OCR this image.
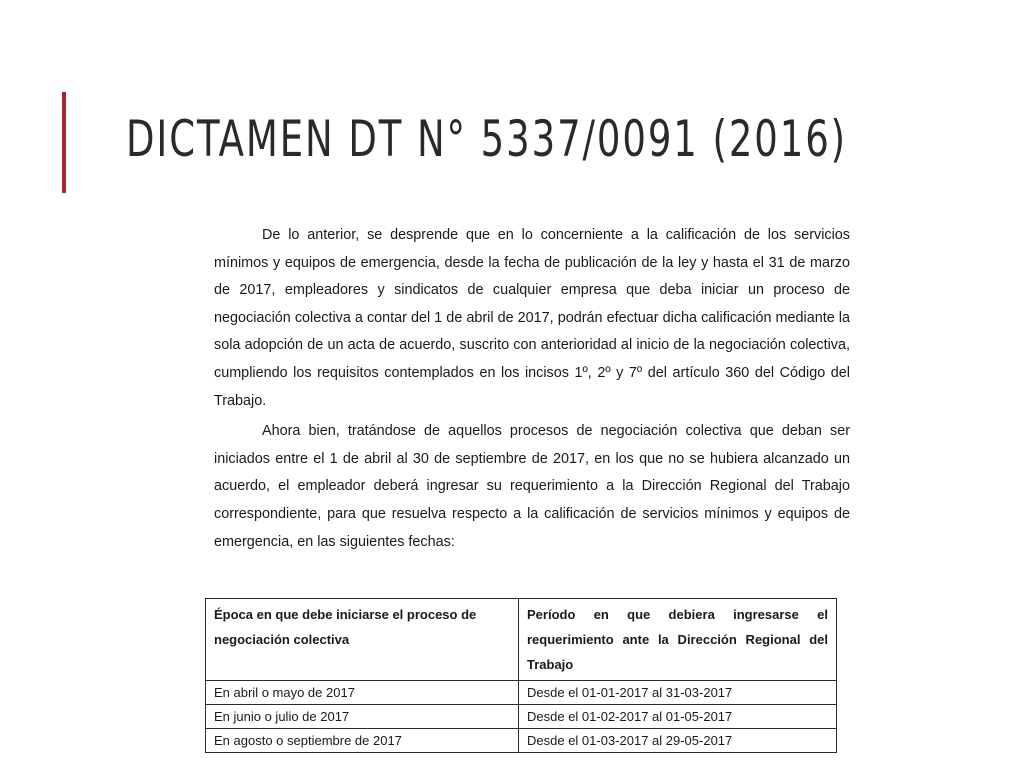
DICTAMEN DT N° 5337/0091 (2016)

De lo anterior, se desprende que en lo concerniente a la calificación de los servicios mínimos y equipos de emergencia, desde la fecha de publicación de la ley y hasta el 31 de marzo de 2017, empleadores y sindicatos de cualquier empresa que deba iniciar un proceso de negociación colectiva a contar del 1 de abril de 2017, podrán efectuar dicha calificación mediante la sola adopción de un acta de acuerdo, suscrito con anterioridad al inicio de la negociación colectiva, cumpliendo los requisitos contemplados en los incisos 1º, 2º y 7º del artículo 360 del Código del Trabajo.

Ahora bien, tratándose de aquellos procesos de negociación colectiva que deban ser iniciados entre el 1 de abril al 30 de septiembre de 2017, en los que no se hubiera alcanzado un acuerdo, el empleador deberá ingresar su requerimiento a la Dirección Regional del Trabajo correspondiente, para que resuelva respecto a la calificación de servicios mínimos y equipos de emergencia, en las siguientes fechas:

Época en que debe iniciarse el proceso de negociación colectiva	Período en que debiera ingresarse el requerimiento ante la Dirección Regional del Trabajo
En abril o mayo de 2017	Desde el 01-01-2017 al 31-03-2017
En junio o julio de 2017	Desde el 01-02-2017 al 01-05-2017
En agosto o septiembre de 2017	Desde el 01-03-2017 al 29-05-2017
